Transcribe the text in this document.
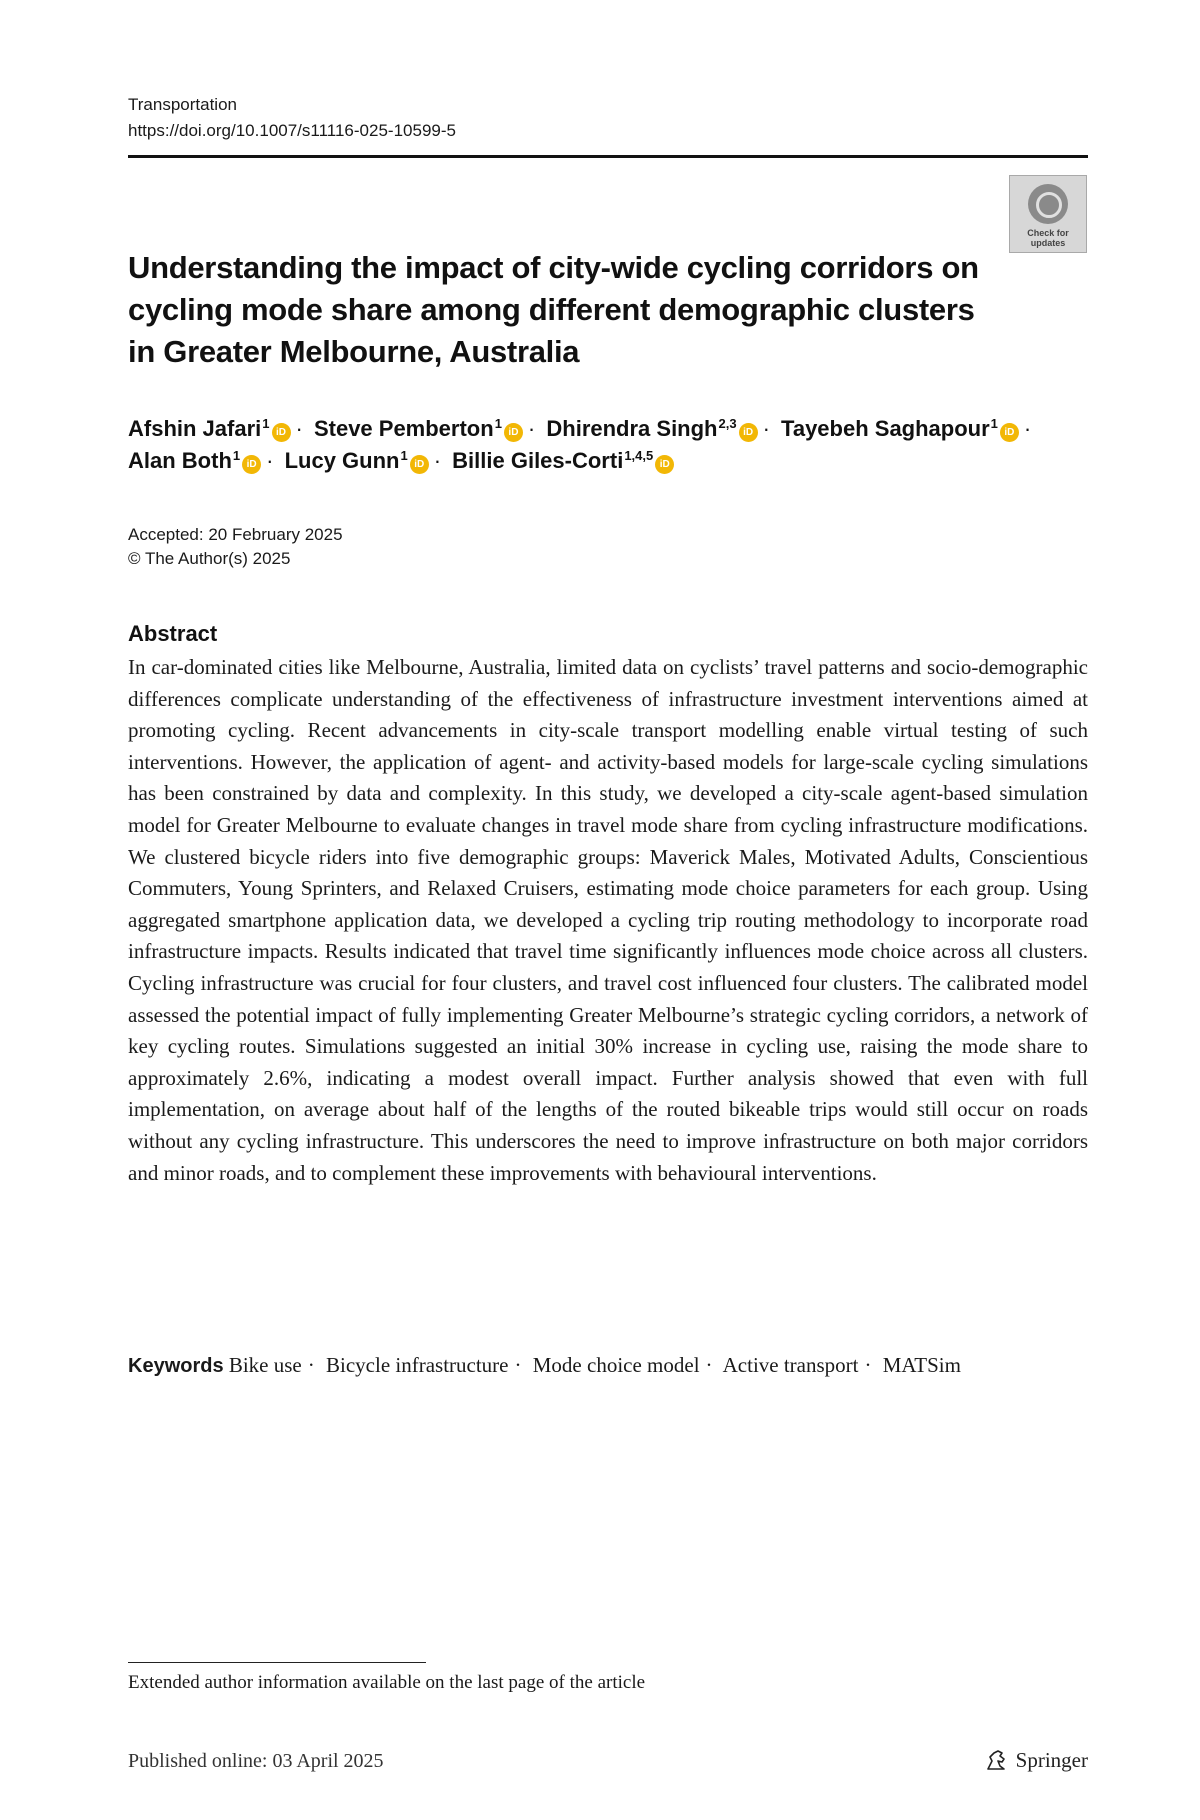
Transportation
https://doi.org/10.1007/s11116-025-10599-5
Check for updates
Understanding the impact of city-wide cycling corridors on cycling mode share among different demographic clusters in Greater Melbourne, Australia
Afshin Jafari$^1$iD · Steve Pemberton$^1$iD · Dhirendra Singh$^{2,3}$iD · Tayebeh Saghapour$^1$iD ·
Alan Both$^1$iD · Lucy Gunn$^1$iD · Billie Giles-Corti$^{1,4,5}$iD
Accepted: 20 February 2025
© The Author(s) 2025
Abstract
In car-dominated cities like Melbourne, Australia, limited data on cyclists’ travel patterns and socio-demographic differences complicate understanding of the effectiveness of infrastructure investment interventions aimed at promoting cycling. Recent advancements in city-scale transport modelling enable virtual testing of such interventions. However, the application of agent- and activity-based models for large-scale cycling simulations has been constrained by data and complexity. In this study, we developed a city-scale agent-based simulation model for Greater Melbourne to evaluate changes in travel mode share from cycling infrastructure modifications. We clustered bicycle riders into five demographic groups: Maverick Males, Motivated Adults, Conscientious Commuters, Young Sprinters, and Relaxed Cruisers, estimating mode choice parameters for each group. Using aggregated smartphone application data, we developed a cycling trip routing methodology to incorporate road infrastructure impacts. Results indicated that travel time significantly influences mode choice across all clusters. Cycling infrastructure was crucial for four clusters, and travel cost influenced four clusters. The calibrated model assessed the potential impact of fully implementing Greater Melbourne’s strategic cycling corridors, a network of key cycling routes. Simulations suggested an initial 30% increase in cycling use, raising the mode share to approximately 2.6%, indicating a modest overall impact. Further analysis showed that even with full implementation, on average about half of the lengths of the routed bikeable trips would still occur on roads without any cycling infrastructure. This underscores the need to improve infrastructure on both major corridors and minor roads, and to complement these improvements with behavioural interventions.
Keywords Bike use · Bicycle infrastructure · Mode choice model · Active transport · MATSim
Extended author information available on the last page of the article
Published online: 03 April 2025	Springer
